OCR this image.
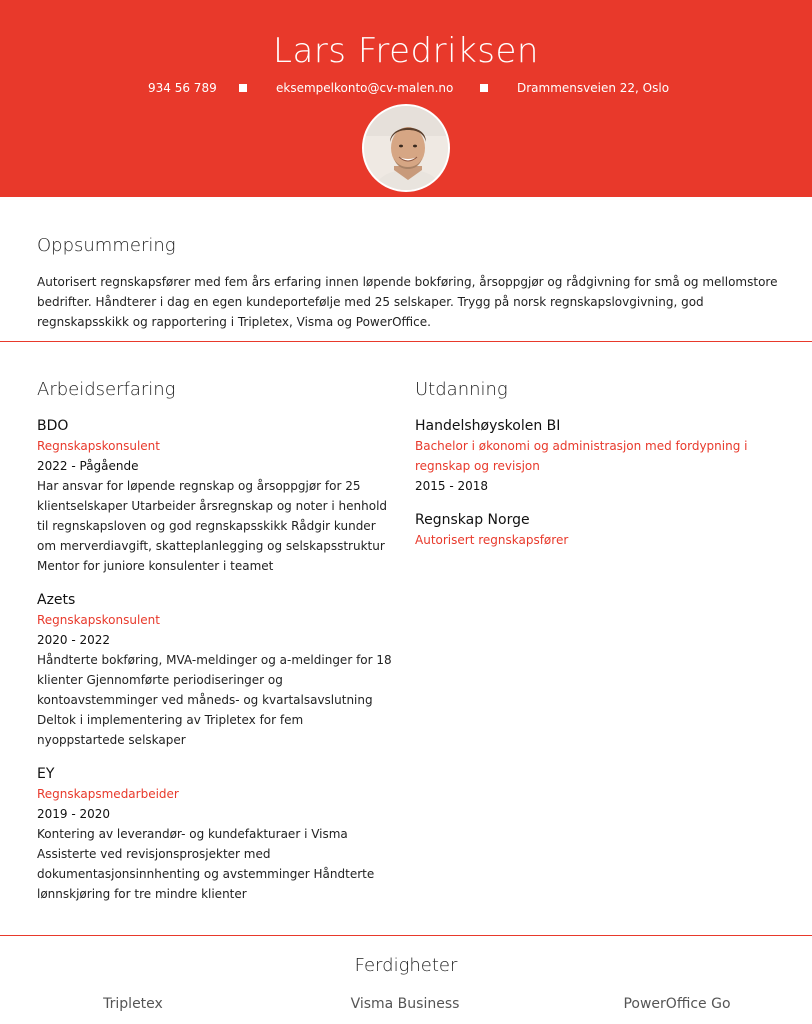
Lars Fredriksen
934 56 789	eksempelkonto@cv-malen.no	Drammensveien 22, Oslo
Oppsummering
Autorisert regnskapsfører med fem års erfaring innen løpende bokføring, årsoppgjør og rådgivning for små og mellomstore bedrifter. Håndterer i dag en egen kundeportefølje med 25 selskaper. Trygg på norsk regnskapslovgivning, god regnskapsskikk og rapportering i Tripletex, Visma og PowerOffice.
Arbeidserfaring
BDO
Regnskapskonsulent
2022 - Pågående
Har ansvar for løpende regnskap og årsoppgjør for 25 klientselskaper Utarbeider årsregnskap og noter i henhold til regnskapsloven og god regnskapsskikk Rådgir kunder om merverdiavgift, skatteplanlegging og selskapsstruktur Mentor for juniore konsulenter i teamet
Azets
Regnskapskonsulent
2020 - 2022
Håndterte bokføring, MVA-meldinger og a-meldinger for 18 klienter Gjennomførte periodiseringer og kontoavstemminger ved måneds- og kvartalsavslutning Deltok i implementering av Tripletex for fem nyoppstartede selskaper
EY
Regnskapsmedarbeider
2019 - 2020
Kontering av leverandør- og kundefakturaer i Visma Assisterte ved revisjonsprosjekter med dokumentasjonsinnhenting og avstemminger Håndterte lønnskjøring for tre mindre klienter
Utdanning
Handelshøyskolen BI
Bachelor i økonomi og administrasjon med fordypning i regnskap og revisjon
2015 - 2018
Regnskap Norge
Autorisert regnskapsfører
Ferdigheter
Tripletex	Visma Business	PowerOffice Go
